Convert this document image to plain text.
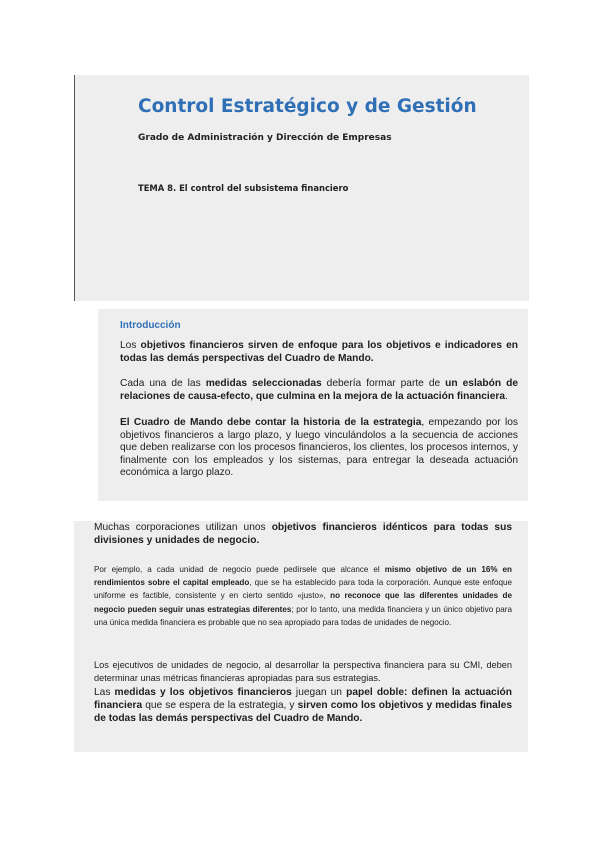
Control Estratégico y de Gestión
Grado de Administración y Dirección de Empresas
TEMA 8. El control del subsistema financiero
Introducción

Los objetivos financieros sirven de enfoque para los objetivos e indicadores en todas las demás perspectivas del Cuadro de Mando.

Cada una de las medidas seleccionadas debería formar parte de un eslabón de relaciones de causa-efecto, que culmina en la mejora de la actuación financiera.

El Cuadro de Mando debe contar la historia de la estrategia, empezando por los objetivos financieros a largo plazo, y luego vinculándolos a la secuencia de acciones que deben realizarse con los procesos financieros, los clientes, los procesos internos, y finalmente con los empleados y los sistemas, para entregar la deseada actuación económica a largo plazo.

Muchas corporaciones utilizan unos objetivos financieros idénticos para todas sus divisiones y unidades de negocio.

Por ejemplo, a cada unidad de negocio puede pedírsele que alcance el mismo objetivo de un 16% en rendimientos sobre el capital empleado, que se ha establecido para toda la corporación. Aunque este enfoque uniforme es factible, consistente y en cierto sentido «justo», no reconoce que las diferentes unidades de negocio pueden seguir unas estrategias diferentes; por lo tanto, una medida financiera y un único objetivo para una única medida financiera es probable que no sea apropiado para todas de unidades de negocio.

Los ejecutivos de unidades de negocio, al desarrollar la perspectiva financiera para su CMI, deben determinar unas métricas financieras apropiadas para sus estrategias.

Las medidas y los objetivos financieros juegan un papel doble: definen la actuación financiera que se espera de la estrategia, y sirven como los objetivos y medidas finales de todas las demás perspectivas del Cuadro de Mando.
